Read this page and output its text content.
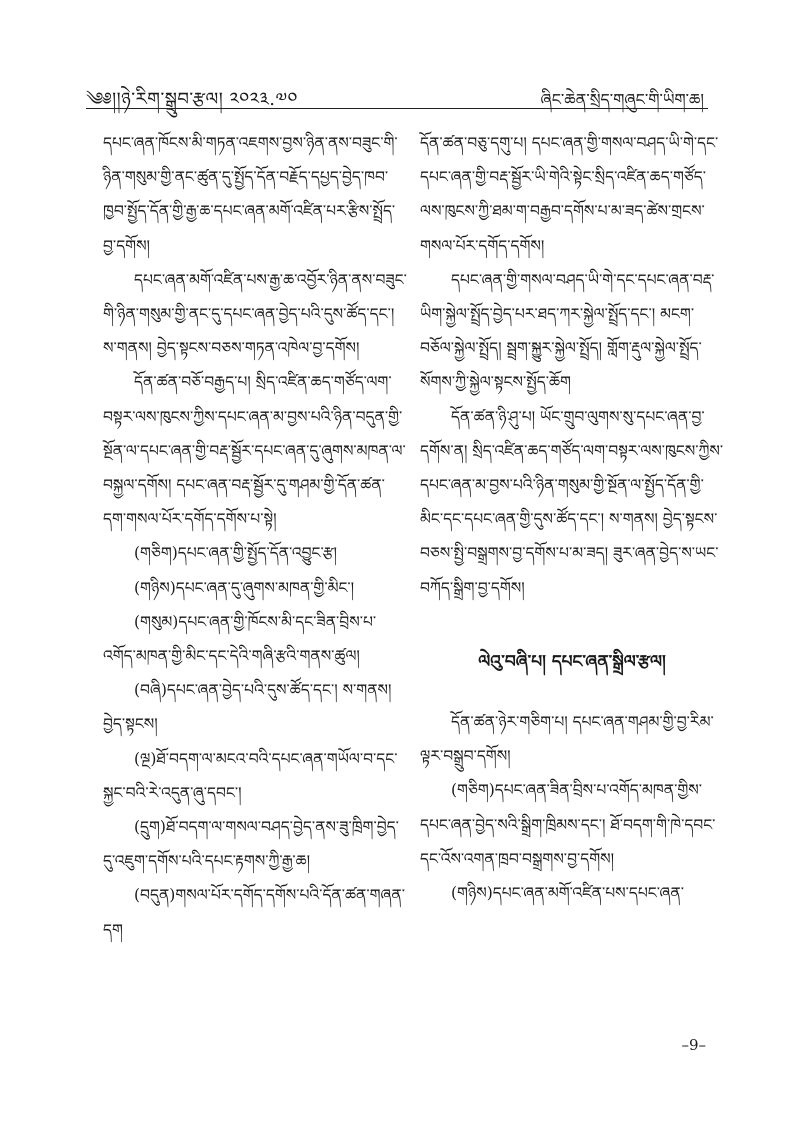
༄༅།།ཉེ་རིག་སྒྲུབ་རྩལ། ༢༠༢༣.༧༠	ཞིང་ཆེན་སྲིད་གཞུང་གི་ཡིག་ཆ།

དཔང་ཞན་ཁོངས་མི་གཏན་འཇགས་བྱས་ཉིན་ནས་བཟུང་གི་ཉིན་གསུམ་གྱི་ནང་ཚུན་དུ་སྤྱོད་དོན་བརྗོད་དཔྱད་བྱེད་ཁབ་ཁྱབ་སྤྱོད་དོན་གྱི་རྒྱ་ཆ་དཔང་ཞན་མགོ་འཛིན་པར་རྩིས་སྤྲོད་བྱ་དགོས།

དཔང་ཞན་མགོ་འཛིན་པས་རྒྱ་ཆ་འབྱོར་ཉིན་ནས་བཟུང་གི་ཉིན་གསུམ་གྱི་ནང་དུ་དཔང་ཞན་བྱེད་པའི་དུས་ཚོད་དང་། ས་གནས། བྱེད་སྟངས་བཅས་གཏན་འཁེལ་བྱ་དགོས།

དོན་ཚན་བཅོ་བརྒྱད་པ། སྲིད་འཛིན་ཆད་གཙོད་ལག་བསྟར་ལས་ཁུངས་ཀྱིས་དཔང་ཞན་མ་བྱས་པའི་ཉིན་བདུན་གྱི་སྔོན་ལ་དཔང་ཞན་གྱི་བརྡ་སྦྱོར་དཔང་ཞན་དུ་ཞུགས་མཁན་ལ་བསྐྱལ་དགོས། དཔང་ཞན་བརྡ་སྦྱོར་དུ་གཤམ་གྱི་དོན་ཚན་དག་གསལ་པོར་དགོད་དགོས་པ་སྟེ།

(གཅིག)དཔང་ཞན་གྱི་སྤྱོད་དོན་འབྱུང་རྩ།

(གཉིས)དཔང་ཞན་དུ་ཞུགས་མཁན་གྱི་མིང་།

(གསུམ)དཔང་ཞན་གྱི་ཁོངས་མི་དང་ཟིན་བྲིས་པ་འགོད་མཁན་གྱི་མིང་དང་དེའི་གཞི་རྩའི་གནས་ཚུལ།

(བཞི)དཔང་ཞན་བྱེད་པའི་དུས་ཚོད་དང་། ས་གནས། བྱེད་སྟངས།

(ལྔ)ཐོ་བདག་ལ་མངའ་བའི་དཔང་ཞན་གཡོལ་བ་དང་སྐྱང་བའི་རེ་འདུན་ཞུ་དབང་།

(དྲུག)ཐོ་བདག་ལ་གསལ་བཤད་བྱེད་ནས་ཟུ་ཁྲིག་བྱེད་དུ་འཇུག་དགོས་པའི་དཔང་རྟགས་ཀྱི་རྒྱ་ཆ།

(བདུན)གསལ་པོར་དགོད་དགོས་པའི་དོན་ཚན་གཞན་དག

དོན་ཚན་བཅུ་དགུ་པ། དཔང་ཞན་གྱི་གསལ་བཤད་ཡི་གེ་དང་དཔང་ཞན་གྱི་བརྡ་སྦྱོར་ཡི་གེའི་སྟེང་སྲིད་འཛིན་ཆད་གཙོད་ལས་ཁུངས་ཀྱི་ཐམ་ག་བརྒྱབ་དགོས་པ་མ་ཟད་ཚེས་གྲངས་གསལ་པོར་དགོད་དགོས།

དཔང་ཞན་གྱི་གསལ་བཤད་ཡི་གེ་དང་དཔང་ཞན་བརྡ་ཡིག་སྐྱེལ་སྤྲོད་བྱེད་པར་ཐད་ཀར་སྐྱེལ་སྤྲོད་དང་། མངག་བཅོལ་སྐྱེལ་སྤྲོད། སྦྲག་སྐྱུར་སྐྱེལ་སྤྲོད། གློག་རྡུལ་སྐྱེལ་སྤྲོད་སོགས་ཀྱི་སྐྱེལ་སྟངས་སྤྱོད་ཆོག

དོན་ཚན་ཉི་ཤུ་པ། ཡོང་གྲུབ་ལུགས་སུ་དཔང་ཞན་བྱ་དགོས་ན། སྲིད་འཛིན་ཆད་གཙོད་ལག་བསྟར་ལས་ཁུངས་ཀྱིས་དཔང་ཞན་མ་བྱས་པའི་ཉིན་གསུམ་གྱི་སྔོན་ལ་སྤྱོད་དོན་གྱི་མིང་དང་དཔང་ཞན་གྱི་དུས་ཚོད་དང་། ས་གནས། བྱེད་སྟངས་བཅས་སྤྱི་བསྒྲགས་བྱ་དགོས་པ་མ་ཟད། ཟུར་ཞན་བྱེད་ས་ཡང་བཀོད་སྒྲིག་བྱ་དགོས།

ལེའུ་བཞི་པ། དཔང་ཞན་སྒྲིལ་རྩལ།

དོན་ཚན་ཉེར་གཅིག་པ། དཔང་ཞན་གཤམ་གྱི་བྱ་རིམ་ལྟར་བསྒྲུབ་དགོས།

(གཅིག)དཔང་ཞན་ཟིན་བྲིས་པ་འགོད་མཁན་གྱིས་དཔང་ཞན་བྱེད་སའི་སྒྲིག་ཁྲིམས་དང་། ཐོ་བདག་གི་ཁེ་དབང་དང་འོས་འགན་ཁྲབ་བསྒྲགས་བྱ་དགོས།

(གཉིས)དཔང་ཞན་མགོ་འཛིན་པས་དཔང་ཞན་

–9–
